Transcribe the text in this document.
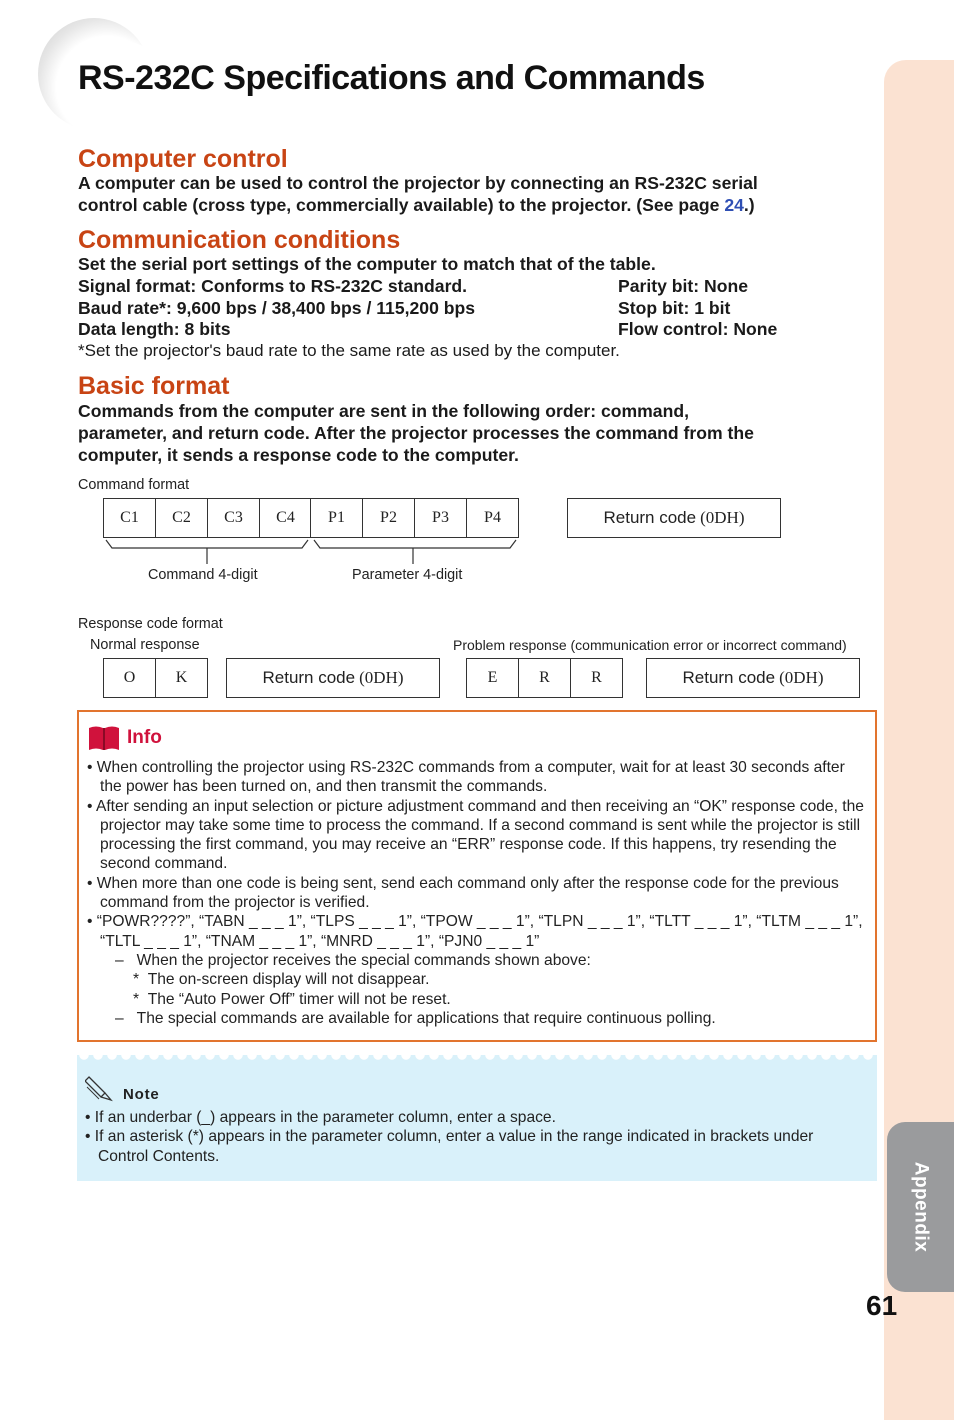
Appendix
RS-232C Specifications and Commands
Computer control
A computer can be used to control the projector by connecting an RS-232C serial
control cable (cross type, commercially available) to the projector. (See page 24.)
Communication conditions
Set the serial port settings of the computer to match that of the table.
Signal format: Conforms to RS-232C standard.	Parity bit: None
Baud rate*: 9,600 bps / 38,400 bps / 115,200 bps	Stop bit: 1 bit
Data length: 8 bits	Flow control: None
*Set the projector's baud rate to the same rate as used by the computer.
Basic format
Commands from the computer are sent in the following order: command,
parameter, and return code. After the projector processes the command from the
computer, it sends a response code to the computer.
Command format
C1	C2	C3	C4	P1	P2	P3	P4	Return code (0DH)
Command 4-digit	Parameter 4-digit
Response code format
Normal response	Problem response (communication error or incorrect command)
O	K	Return code (0DH)	E	R	R	Return code (0DH)
Info
• When controlling the projector using RS-232C commands from a computer, wait for at least 30 seconds after the power has been turned on, and then transmit the commands.
• After sending an input selection or picture adjustment command and then receiving an “OK” response code, the projector may take some time to process the command. If a second command is sent while the projector is still processing the first command, you may receive an “ERR” response code. If this happens, try resending the second command.
• When more than one code is being sent, send each command only after the response code for the previous command from the projector is verified.
• “POWR????”, “TABN _ _ _ 1”, “TLPS _ _ _ 1”, “TPOW _ _ _ 1”, “TLPN _ _ _ 1”, “TLTT _ _ _ 1”, “TLTM _ _ _ 1”, “TLTL _ _ _ 1”, “TNAM _ _ _ 1”, “MNRD _ _ _ 1”, “PJN0 _ _ _ 1”
–   When the projector receives the special commands shown above:
*  The on-screen display will not disappear.
*  The “Auto Power Off” timer will not be reset.
–   The special commands are available for applications that require continuous polling.
Note
• If an underbar (_) appears in the parameter column, enter a space.
• If an asterisk (*) appears in the parameter column, enter a value in the range indicated in brackets under Control Contents.
61
